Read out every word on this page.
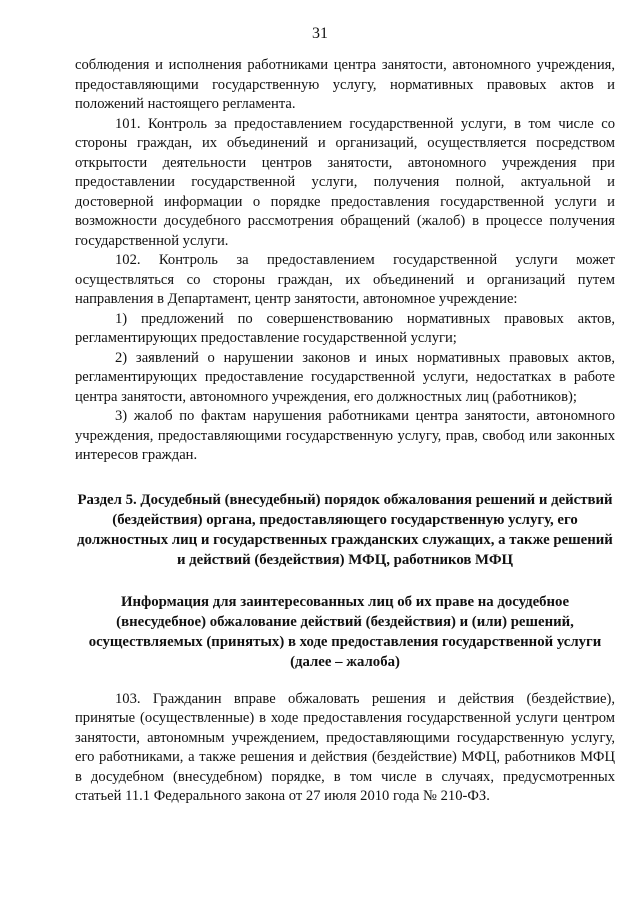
31

соблюдения и исполнения работниками центра занятости, автономного учреждения, предоставляющими государственную услугу, нормативных правовых актов и положений настоящего регламента.

101. Контроль за предоставлением государственной услуги, в том числе со стороны граждан, их объединений и организаций, осуществляется посредством открытости деятельности центров занятости, автономного учреждения при предоставлении государственной услуги, получения полной, актуальной и достоверной информации о порядке предоставления государственной услуги и возможности досудебного рассмотрения обращений (жалоб) в процессе получения государственной услуги.

102. Контроль за предоставлением государственной услуги может осуществляться со стороны граждан, их объединений и организаций путем направления в Департамент, центр занятости, автономное учреждение:

1) предложений по совершенствованию нормативных правовых актов, регламентирующих предоставление государственной услуги;

2) заявлений о нарушении законов и иных нормативных правовых актов, регламентирующих предоставление государственной услуги, недостатках в работе центра занятости, автономного учреждения, его должностных лиц (работников);

3) жалоб по фактам нарушения работниками центра занятости, автономного учреждения, предоставляющими государственную услугу, прав, свобод или законных интересов граждан.

Раздел 5. Досудебный (внесудебный) порядок обжалования решений и действий (бездействия) органа, предоставляющего государственную услугу, его должностных лиц и государственных гражданских служащих, а также решений и действий (бездействия) МФЦ, работников МФЦ

Информация для заинтересованных лиц об их праве на досудебное (внесудебное) обжалование действий (бездействия) и (или) решений, осуществляемых (принятых) в ходе предоставления государственной услуги (далее – жалоба)

103. Гражданин вправе обжаловать решения и действия (бездействие), принятые (осуществленные) в ходе предоставления государственной услуги центром занятости, автономным учреждением, предоставляющими государственную услугу, его работниками, а также решения и действия (бездействие) МФЦ, работников МФЦ в досудебном (внесудебном) порядке, в том числе в случаях, предусмотренных статьей 11.1 Федерального закона от 27 июля 2010 года № 210-ФЗ.
